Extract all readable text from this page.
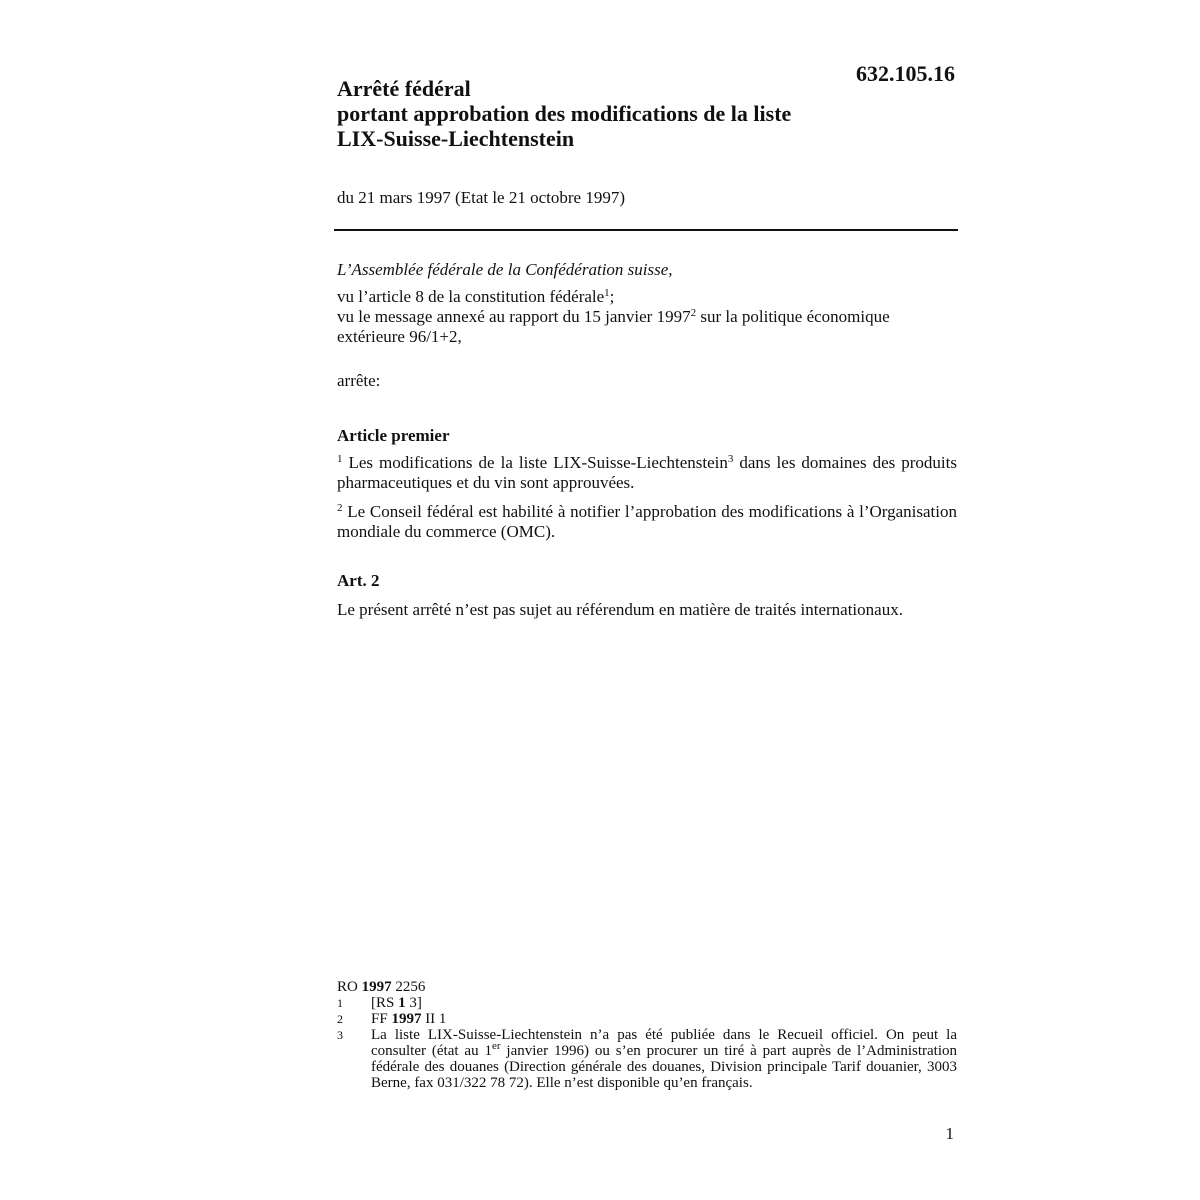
632.105.16
Arrêté fédéral
portant approbation des modifications de la liste
LIX-Suisse-Liechtenstein
du 21 mars 1997 (Etat le 21 octobre 1997)
L’Assemblée fédérale de la Confédération suisse,
vu l’article 8 de la constitution fédérale$^1$;
vu le message annexé au rapport du 15 janvier 1997$^2$ sur la politique économique extérieure 96/1+2,
arrête:
Article premier
$^1$ Les modifications de la liste LIX-Suisse-Liechtenstein$^3$ dans les domaines des produits pharmaceutiques et du vin sont approuvées.
$^2$ Le Conseil fédéral est habilité à notifier l’approbation des modifications à l’Organisation mondiale du commerce (OMC).
Art. 2
Le présent arrêté n’est pas sujet au référendum en matière de traités internationaux.
RO 1997 2256
1	[RS 1 3]
2	FF 1997 II 1
3	La liste LIX-Suisse-Liechtenstein n’a pas été publiée dans le Recueil officiel. On peut la consulter (état au 1er janvier 1996) ou s’en procurer un tiré à part auprès de l’Administration fédérale des douanes (Direction générale des douanes, Division principale Tarif douanier, 3003 Berne, fax 031/322 78 72). Elle n’est disponible qu’en français.
1
